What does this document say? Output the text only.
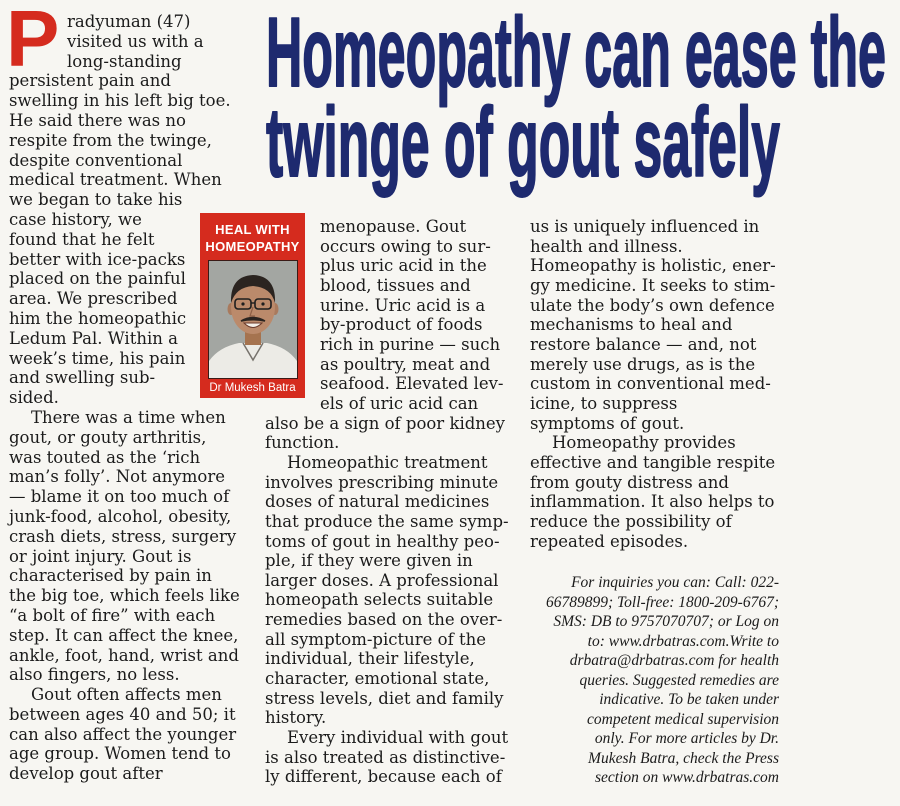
Homeopathy can ease the
twinge of gout safely
P radyuman (47)
visited us with a
long-standing
persistent pain and
swelling in his left big toe.
He said there was no
respite from the twinge,
despite conventional
medical treatment. When
we began to take his
case history, we
found that he felt
better with ice-packs
placed on the painful
area. We prescribed
him the homeopathic
Ledum Pal. Within a
week’s time, his pain
and swelling sub-
sided.
There was a time when
gout, or gouty arthritis,
was touted as the ‘rich
man’s folly’. Not anymore
— blame it on too much of
junk-food, alcohol, obesity,
crash diets, stress, surgery
or joint injury. Gout is
characterised by pain in
the big toe, which feels like
“a bolt of fire” with each
step. It can affect the knee,
ankle, foot, hand, wrist and
also fingers, no less.
Gout often affects men
between ages 40 and 50; it
can also affect the younger
age group. Women tend to
develop gout after
menopause. Gout
occurs owing to sur-
plus uric acid in the
blood, tissues and
urine. Uric acid is a
by-product of foods
rich in purine — such
as poultry, meat and
seafood. Elevated lev-
els of uric acid can
also be a sign of poor kidney
function.
Homeopathic treatment
involves prescribing minute
doses of natural medicines
that produce the same symp-
toms of gout in healthy peo-
ple, if they were given in
larger doses. A professional
homeopath selects suitable
remedies based on the over-
all symptom-picture of the
individual, their lifestyle,
character, emotional state,
stress levels, diet and family
history.
Every individual with gout
is also treated as distinctive-
ly different, because each of
us is uniquely influenced in
health and illness.
Homeopathy is holistic, ener-
gy medicine. It seeks to stim-
ulate the body’s own defence
mechanisms to heal and
restore balance — and, not
merely use drugs, as is the
custom in conventional med-
icine, to suppress
symptoms of gout.
Homeopathy provides
effective and tangible respite
from gouty distress and
inflammation. It also helps to
reduce the possibility of
repeated episodes.
HEAL WITH
HOMEOPATHY
Dr Mukesh Batra
For inquiries you can: Call: 022-
66789899; Toll-free: 1800-209-6767;
SMS: DB to 9757070707; or Log on
to: www.drbatras.com.Write to
drbatra@drbatras.com for health
queries. Suggested remedies are
indicative. To be taken under
competent medical supervision
only. For more articles by Dr.
Mukesh Batra, check the Press
section on www.drbatras.com
